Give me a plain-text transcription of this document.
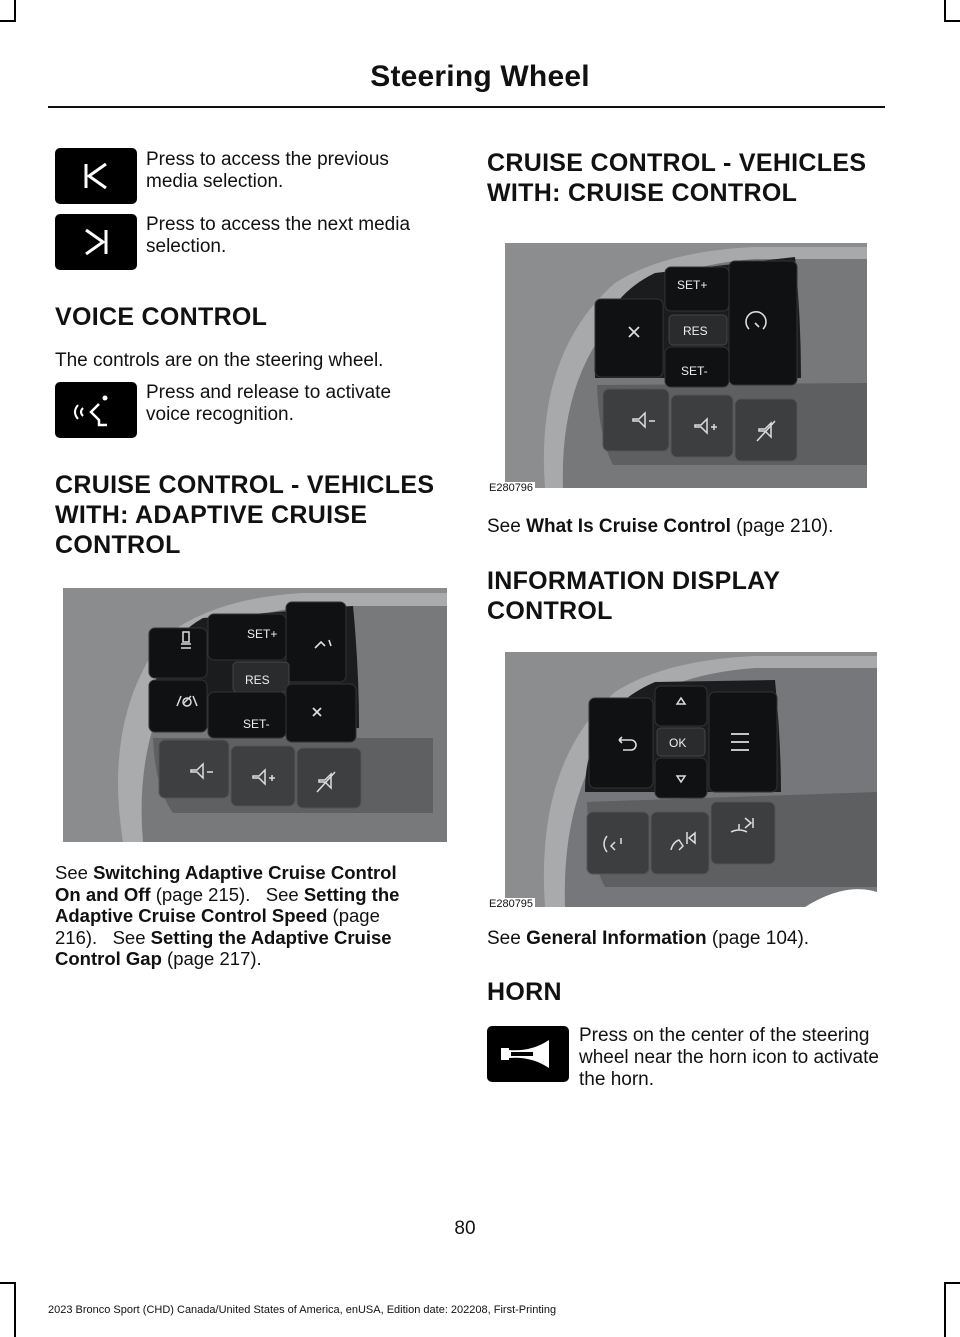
Steering Wheel
Press to access the previous media selection.
Press to access the next media selection.
VOICE CONTROL
The controls are on the steering wheel.
Press and release to activate voice recognition.
CRUISE CONTROL - VEHICLES
WITH: ADAPTIVE CRUISE
CONTROL
SET+
RES
SET-
See Switching Adaptive Cruise Control
On and Off (page 215). See Setting the
Adaptive Cruise Control Speed (page
216). See Setting the Adaptive Cruise
Control Gap (page 217).
CRUISE CONTROL - VEHICLES
WITH: CRUISE CONTROL
SET+
RES
SET-
E280796
See What Is Cruise Control (page 210).
INFORMATION DISPLAY
CONTROL
OK
E280795
See General Information (page 104).
HORN
Press on the center of the steering wheel near the horn icon to activate the horn.
80
2023 Bronco Sport (CHD) Canada/United States of America, enUSA, Edition date: 202208, First-Printing
